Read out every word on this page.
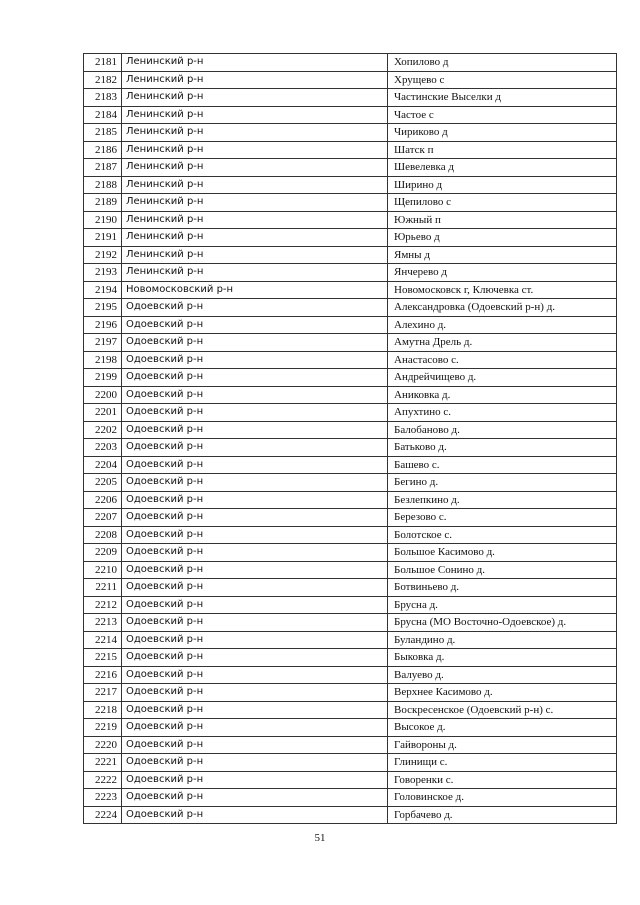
2181	Ленинский р-н	Хопилово д
2182	Ленинский р-н	Хрущево с
2183	Ленинский р-н	Частинские Выселки д
2184	Ленинский р-н	Частое с
2185	Ленинский р-н	Чириково д
2186	Ленинский р-н	Шатск п
2187	Ленинский р-н	Шевелевка д
2188	Ленинский р-н	Ширино д
2189	Ленинский р-н	Щепилово с
2190	Ленинский р-н	Южный п
2191	Ленинский р-н	Юрьево д
2192	Ленинский р-н	Ямны д
2193	Ленинский р-н	Янчерево д
2194	Новомосковский р-н	Новомосковск г, Ключевка ст.
2195	Одоевский р-н	Александровка (Одоевский р-н) д.
2196	Одоевский р-н	Алехино д.
2197	Одоевский р-н	Амутна Дрель д.
2198	Одоевский р-н	Анастасово с.
2199	Одоевский р-н	Андрейчищево д.
2200	Одоевский р-н	Аниковка д.
2201	Одоевский р-н	Апухтино с.
2202	Одоевский р-н	Балобаново д.
2203	Одоевский р-н	Батьково д.
2204	Одоевский р-н	Башево с.
2205	Одоевский р-н	Бегино д.
2206	Одоевский р-н	Безлепкино д.
2207	Одоевский р-н	Березово с.
2208	Одоевский р-н	Болотское с.
2209	Одоевский р-н	Большое Касимово д.
2210	Одоевский р-н	Большое Сонино д.
2211	Одоевский р-н	Ботвиньево д.
2212	Одоевский р-н	Брусна д.
2213	Одоевский р-н	Брусна (МО Восточно-Одоевское) д.
2214	Одоевский р-н	Буландино д.
2215	Одоевский р-н	Быковка д.
2216	Одоевский р-н	Валуево д.
2217	Одоевский р-н	Верхнее Касимово д.
2218	Одоевский р-н	Воскресенское (Одоевский р-н) с.
2219	Одоевский р-н	Высокое д.
2220	Одоевский р-н	Гайвороны д.
2221	Одоевский р-н	Глинищи с.
2222	Одоевский р-н	Говоренки с.
2223	Одоевский р-н	Головинское д.
2224	Одоевский р-н	Горбачево д.
51
